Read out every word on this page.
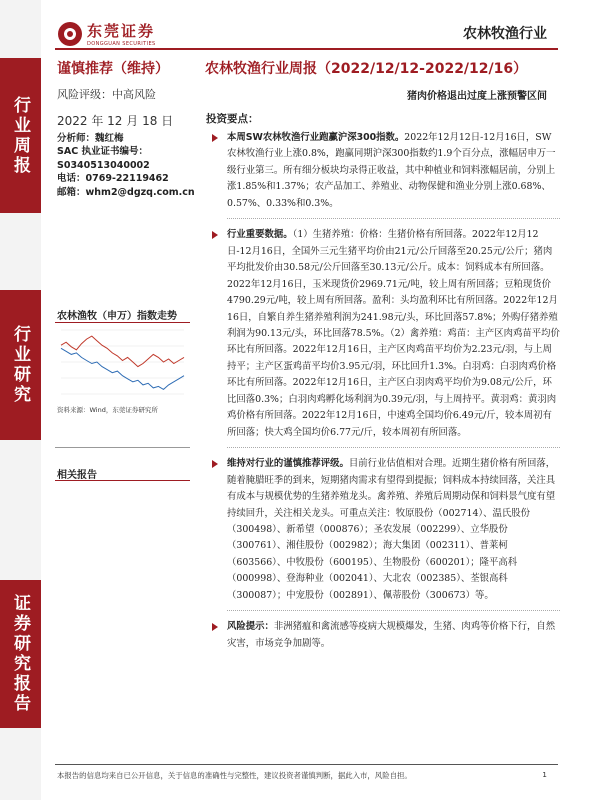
行业周报
行业研究
证券研究报告
东莞证券
DONGGUAN SECURITIES
农林牧渔行业
谨慎推荐（维持）	农林牧渔行业周报（2022/12/12-2022/12/16）
风险评级：中高风险	猪肉价格退出过度上涨预警区间
2022 年 12 月 18 日
分析师：魏红梅
SAC 执业证书编号：
S0340513040002
电话：0769-22119462
邮箱：whm2@dgzq.com.cn
投资要点：
农林渔牧（申万）指数走势
资料来源：Wind，东莞证券研究所
相关报告
本周SW农林牧渔行业跑赢沪深300指数。2022年12月12日-12月16日，SW农林牧渔行业上涨0.8%，跑赢同期沪深300指数约1.9个百分点，涨幅居申万一级行业第三。所有细分板块均录得正收益，其中种植业和饲料涨幅居前，分别上涨1.85%和1.37%；农产品加工、养殖业、动物保健和渔业分别上涨0.68%、0.57%、0.33%和0.3%。
行业重要数据。（1）生猪养殖：价格：生猪价格有所回落。2022年12月12日-12月16日，全国外三元生猪平均价由21元/公斤回落至20.25元/公斤；猪肉平均批发价由30.58元/公斤回落至30.13元/公斤。成本：饲料成本有所回落。2022年12月16日，玉米现货价2969.71元/吨，较上周有所回落；豆粕现货价4790.29元/吨，较上周有所回落。盈利：头均盈利环比有所回落。2022年12月16日，自繁自养生猪养殖利润为241.98元/头，环比回落57.8%；外购仔猪养殖利润为90.13元/头，环比回落78.5%。（2）禽养殖：鸡苗：主产区肉鸡苗平均价环比有所回落。2022年12月16日，主产区肉鸡苗平均价为2.23元/羽，与上周持平；主产区蛋鸡苗平均价3.95元/羽，环比回升1.3%。白羽鸡：白羽肉鸡价格环比有所回落。2022年12月16日，主产区白羽肉鸡平均价为9.08元/公斤，环比回落0.3%；白羽肉鸡孵化场利润为0.39元/羽，与上周持平。黄羽鸡：黄羽肉鸡价格有所回落。2022年12月16日，中速鸡全国均价6.49元/斤，较本周初有所回落；快大鸡全国均价6.77元/斤，较本周初有所回落。
维持对行业的谨慎推荐评级。目前行业估值相对合理。近期生猪价格有所回落，随着腌腊旺季的到来，短期猪肉需求有望得到提振；饲料成本持续回落，关注具有成本与规模优势的生猪养殖龙头。禽养殖、养殖后周期动保和饲料景气度有望持续回升，关注相关龙头。可重点关注：牧原股份（002714）、温氏股份（300498）、新希望（000876）；圣农发展（002299）、立华股份（300761）、湘佳股份（002982）；海大集团（002311）、普莱柯（603566）、中牧股份（600195）、生物股份（600201）；隆平高科（000998）、登海种业（002041）、大北农（002385）、荃银高科（300087）；中宠股份（002891）、佩蒂股份（300673）等。
风险提示：非洲猪瘟和禽流感等疫病大规模爆发，生猪、肉鸡等价格下行，自然灾害，市场竞争加剧等。
本报告的信息均来自已公开信息，关于信息的准确性与完整性，建议投资者谨慎判断，据此入市，风险自担。	1
